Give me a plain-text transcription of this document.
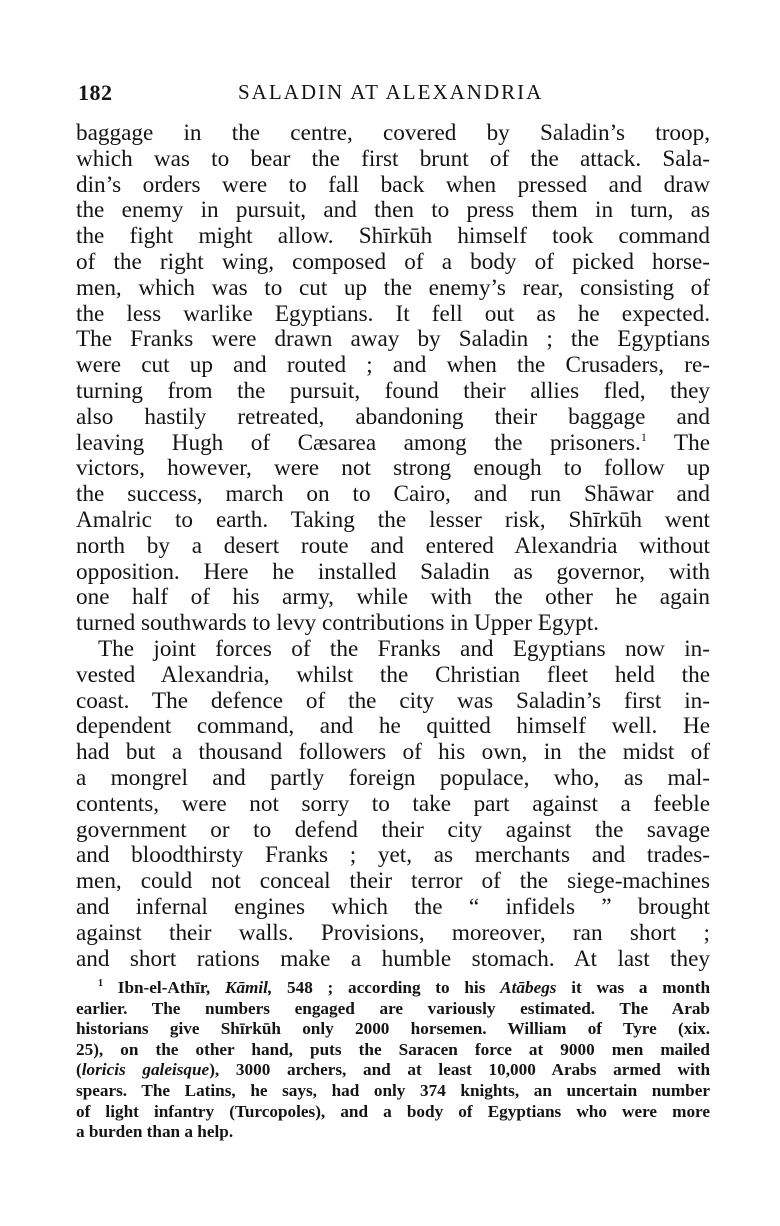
182	SALADIN AT ALEXANDRIA
baggage in the centre, covered by Saladin’s troop,
which was to bear the first brunt of the attack. Sala-
din’s orders were to fall back when pressed and draw
the enemy in pursuit, and then to press them in turn, as
the fight might allow. Shīrkūh himself took command
of the right wing, composed of a body of picked horse-
men, which was to cut up the enemy’s rear, consisting of
the less warlike Egyptians. It fell out as he expected.
The Franks were drawn away by Saladin ; the Egyptians
were cut up and routed ; and when the Crusaders, re-
turning from the pursuit, found their allies fled, they
also hastily retreated, abandoning their baggage and
leaving Hugh of Cæsarea among the prisoners.$^1$ The
victors, however, were not strong enough to follow up
the success, march on to Cairo, and run Shāwar and
Amalric to earth. Taking the lesser risk, Shīrkūh went
north by a desert route and entered Alexandria without
opposition. Here he installed Saladin as governor, with
one half of his army, while with the other he again
turned southwards to levy contributions in Upper Egypt.
The joint forces of the Franks and Egyptians now in-
vested Alexandria, whilst the Christian fleet held the
coast. The defence of the city was Saladin’s first in-
dependent command, and he quitted himself well. He
had but a thousand followers of his own, in the midst of
a mongrel and partly foreign populace, who, as mal-
contents, were not sorry to take part against a feeble
government or to defend their city against the savage
and bloodthirsty Franks ; yet, as merchants and trades-
men, could not conceal their terror of the siege-machines
and infernal engines which the “ infidels ” brought
against their walls. Provisions, moreover, ran short ;
and short rations make a humble stomach. At last they
$^1$ Ibn-el-Athīr, Kāmil, 548 ; according to his Atābegs it was a month
earlier. The numbers engaged are variously estimated. The Arab
historians give Shīrkūh only 2000 horsemen. William of Tyre (xix.
25), on the other hand, puts the Saracen force at 9000 men mailed
(loricis galeisque), 3000 archers, and at least 10,000 Arabs armed with
spears. The Latins, he says, had only 374 knights, an uncertain number
of light infantry (Turcopoles), and a body of Egyptians who were more
a burden than a help.
